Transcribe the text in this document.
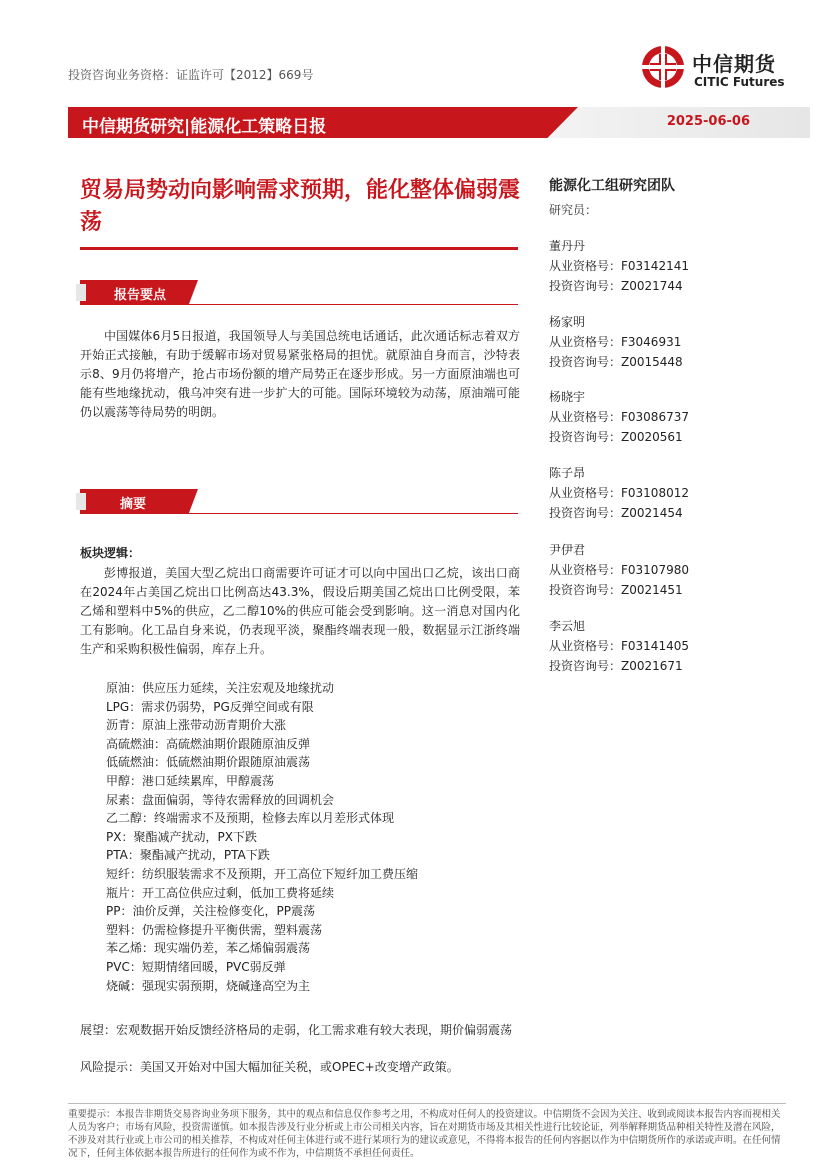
投资咨询业务资格：证监许可【2012】669号	中信期货
CITIC Futures
中信期货研究|能源化工策略日报	2025-06-06
贸易局势动向影响需求预期，能化整体偏弱震荡
报告要点
中国媒体6月5日报道，我国领导人与美国总统电话通话，此次通话标志着双方开始正式接触，有助于缓解市场对贸易紧张格局的担忧。就原油自身而言，沙特表示8、9月仍将增产，抢占市场份额的增产局势正在逐步形成。另一方面原油端也可能有些地缘扰动，俄乌冲突有进一步扩大的可能。国际环境较为动荡，原油端可能仍以震荡等待局势的明朗。
摘要
板块逻辑：
彭博报道，美国大型乙烷出口商需要许可证才可以向中国出口乙烷，该出口商在2024年占美国乙烷出口比例高达43.3%，假设后期美国乙烷出口比例受限，苯乙烯和塑料中5%的供应，乙二醇10%的供应可能会受到影响。这一消息对国内化工有影响。化工品自身来说，仍表现平淡，聚酯终端表现一般，数据显示江浙终端生产和采购积极性偏弱，库存上升。
原油：供应压力延续，关注宏观及地缘扰动
LPG：需求仍弱势，PG反弹空间或有限
沥青：原油上涨带动沥青期价大涨
高硫燃油：高硫燃油期价跟随原油反弹
低硫燃油：低硫燃油期价跟随原油震荡
甲醇：港口延续累库，甲醇震荡
尿素：盘面偏弱，等待农需释放的回调机会
乙二醇：终端需求不及预期，检修去库以月差形式体现
PX：聚酯减产扰动，PX下跌
PTA：聚酯减产扰动，PTA下跌
短纤：纺织服装需求不及预期，开工高位下短纤加工费压缩
瓶片：开工高位供应过剩，低加工费将延续
PP：油价反弹，关注检修变化，PP震荡
塑料：仍需检修提升平衡供需，塑料震荡
苯乙烯：现实端仍差，苯乙烯偏弱震荡
PVC：短期情绪回暖，PVC弱反弹
烧碱：强现实弱预期，烧碱逢高空为主
展望：宏观数据开始反馈经济格局的走弱，化工需求难有较大表现，期价偏弱震荡
风险提示：美国又开始对中国大幅加征关税，或OPEC+改变增产政策。
能源化工组研究团队
研究员：
董丹丹
从业资格号：F03142141
投资咨询号：Z0021744
杨家明
从业资格号：F3046931
投资咨询号：Z0015448
杨晓宇
从业资格号：F03086737
投资咨询号：Z0020561
陈子昂
从业资格号：F03108012
投资咨询号：Z0021454
尹伊君
从业资格号：F03107980
投资咨询号：Z0021451
李云旭
从业资格号：F03141405
投资咨询号：Z0021671
重要提示：本报告非期货交易咨询业务项下服务，其中的观点和信息仅作参考之用，不构成对任何人的投资建议。中信期货不会因为关注、收到或阅读本报告内容而视相关人员为客户；市场有风险，投资需谨慎。如本报告涉及行业分析或上市公司相关内容，旨在对期货市场及其相关性进行比较论证，列举解释期货品种相关特性及潜在风险，不涉及对其行业或上市公司的相关推荐，不构成对任何主体进行或不进行某项行为的建议或意见，不得将本报告的任何内容据以作为中信期货所作的承诺或声明。在任何情况下，任何主体依据本报告所进行的任何作为或不作为，中信期货不承担任何责任。
